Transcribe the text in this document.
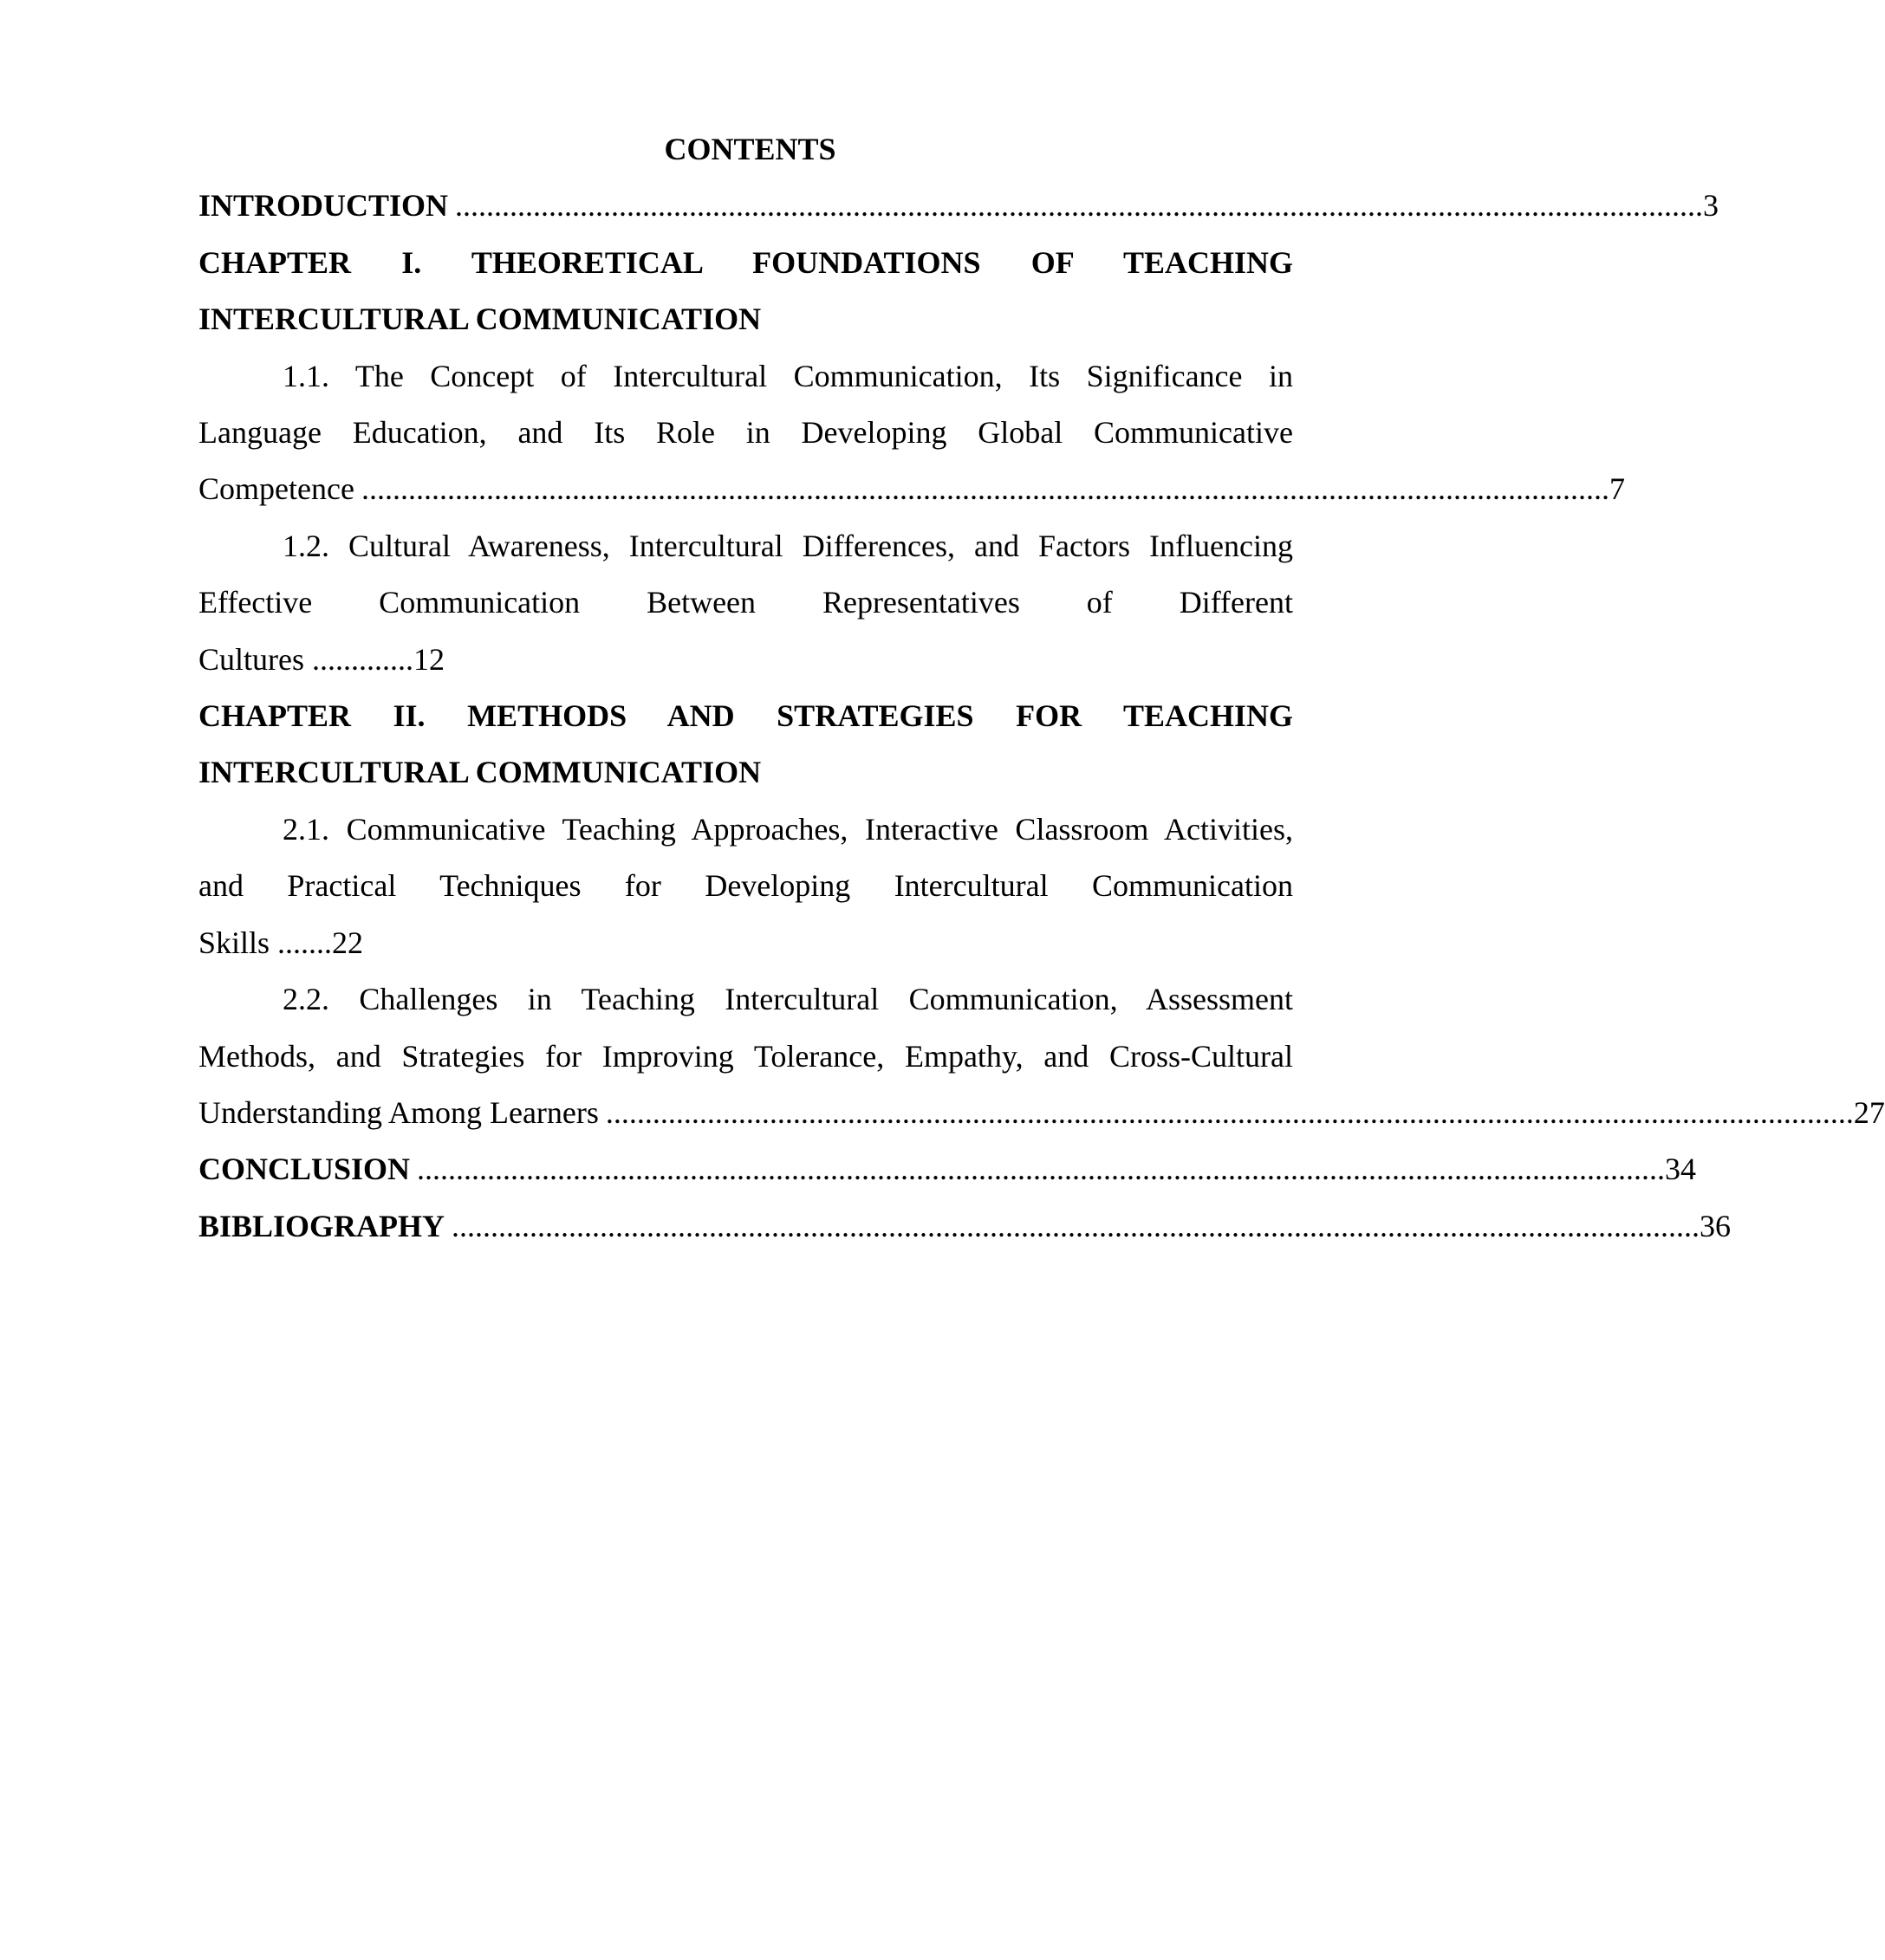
CONTENTS
INTRODUCTION ................................................................................................................................................................ 3
CHAPTER I. THEORETICAL FOUNDATIONS OF TEACHING
INTERCULTURAL COMMUNICATION
1.1. The Concept of Intercultural Communication, Its Significance in
Language Education, and Its Role in Developing Global Communicative
Competence ................................................................................................................................................................ 7
1.2. Cultural Awareness, Intercultural Differences, and Factors Influencing
Effective Communication Between Representatives of Different
Cultures .............12
CHAPTER II. METHODS AND STRATEGIES FOR TEACHING
INTERCULTURAL COMMUNICATION
2.1. Communicative Teaching Approaches, Interactive Classroom Activities,
and Practical Techniques for Developing Intercultural Communication
Skills .......22
2.2. Challenges in Teaching Intercultural Communication, Assessment
Methods, and Strategies for Improving Tolerance, Empathy, and Cross-Cultural
Understanding Among Learners ................................................................................................................................................................ 27
CONCLUSION ................................................................................................................................................................ 34
BIBLIOGRAPHY ................................................................................................................................................................ 36
